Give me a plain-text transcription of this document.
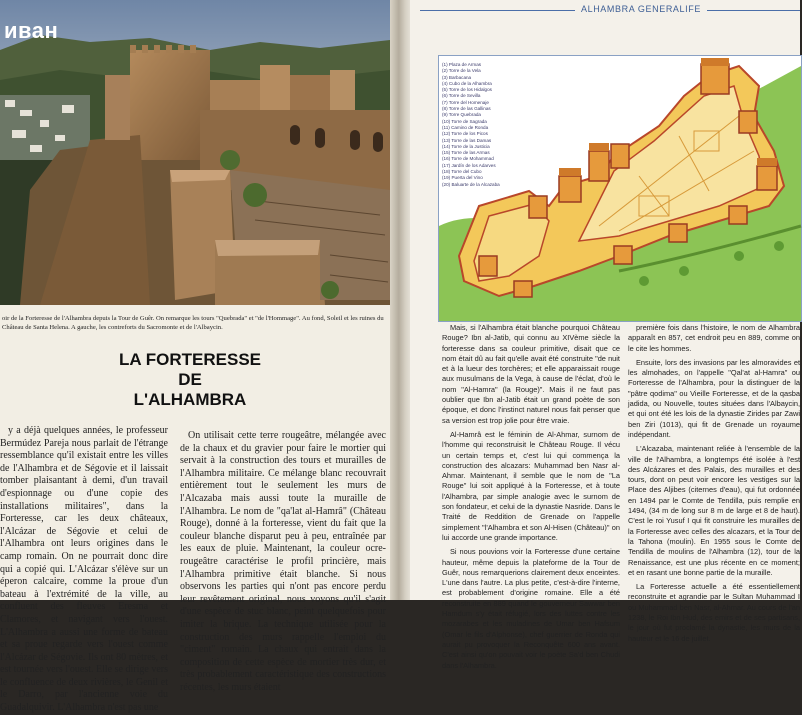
иван
oir de la Forteresse de l'Alhambra depuis la Tour de Guêr. On remarque les tours "Quebrada" et "de l'Hommage". Au fond, Soleil et les ruines du Château de Santa Helena. A gauche, les contreforts du Sacromonte et de l'Albaycin.
LA FORTERESSE
DE
L'ALHAMBRA

y a déjà quelques années, le professeur Bermúdez Pareja nous parlait de l'étrange ressemblance qu'il existait entre les villes de l'Alhambra et de Ségovie et il laissait tomber plaisantant à demi, d'un travail d'espionnage ou d'une copie des installations militaires", dans la Forteresse, car les deux châteaux, l'Alcázar de Ségovie et celui de l'Alhambra ont leurs origines dans le camp romain. On ne pourrait donc dire qui a copié qui. L'Alcázar s'élève sur un éperon calcaire, comme la proue d'un bateau à l'extrémité de la ville, au confluent des fleuves Eresma et Clamores, et navigant vers l'ouest. L'Alhambra a aussi une forme de bateau et sa proue regarde vers l'ouest comme l'Alcázar de Ségovie. Ils ont 80 mètres, et est tournée vers l'ouest. Elle se dirige vers le confluence de deux rivières, le Genil et le Darro, par l'ancienne voie du Guadalquivir. L'Alhambra n'est pas une

On utilisait cette terre rougeâtre, mélangée avec de la chaux et du gravier pour faire le mortier qui servait à la construction des tours et murailles de l'Alhambra militaire. Ce mélange blanc recouvrait entièrement tout le seulement les murs de l'Alcazaba mais aussi toute la muraille de l'Alhambra. Le nom de "qa'lat al-Hamrâ" (Château Rouge), donné à la forteresse, vient du fait que la couleur blanche disparut peu à peu, entraînée par les eaux de pluie. Maintenant, la couleur ocre-rougeâtre caractérise le profil princière, mais l'Alhambra primitive était blanche. Si nous observons les parties qui n'ont pas encore perdu leur revêtement original, nous voyons qu'il s'agit d'une espèce de stuc blanc, peint quelquefois pour imiter la brique. La technique utilisée pour la construction des murs rappelle l'emploi du "ciment" romain. La chaux qui entrait dans la composition de cette espèce de mortier très dur, et très probablement caractéristique des constructions récentes, les murs étaient

ALHAMBRA GENERALIFE
(1) Plaza de Armas
(2) Torre de la Vela
(3) Barbacana
(4) Cubo de la Alhambra
(5) Torre de los Hidalgos
(6) Torre de Sevilla
(7) Torre del Homenaje
(8) Torre de las Gallinas
(9) Torre Quebrada
(10) Torre de Sagrada
(11) Camino de Ronda
(12) Torre de los Picos
(13) Torre de las Damas
(14) Torre de la Justicia
(15) Torre de las Armas
(16) Torre de Mohammad
(17) Jardín de los Adarves
(18) Torre del Cubo
(19) Puerta del Vino
(20) Baluarte de la Alcazaba

Mais, si l'Alhambra était blanche pourquoi Château Rouge? Ibn al-Jatib, qui connu au XIVème siècle la forteresse dans sa couleur primitive, disait que ce nom était dû au fait qu'elle avait été construite "de nuit et à la lueur des torchères; et elle apparaissait rouge aux musulmans de la Vega, à cause de l'éclat, d'où le nom "Al-Hamra" (la Rouge)". Mais il ne faut pas oublier que Ibn al-Jatib était un grand poète de son époque, et donc l'instinct naturel nous fait penser que sa version est trop jolie pour être vraie.

Al-Hamrâ est le féminin de Al-Ahmar, surnom de l'homme qui reconstruisit le Château Rouge. Il vécu un certain temps et, c'est lui qui commença la construction des alcazars: Muhammad ben Nasr al-Ahmar. Maintenant, il semble que le nom de "La Rouge" lui soit appliqué à la Forteresse, et à toute l'Alhambra, par simple analogie avec le surnom de son fondateur, et celui de la dynastie Nasride. Dans le Traité de Reddition de Grenade on l'appelle simplement "l'Alhambra et son Al-Hisen (Château)" on lui accorde une grande importance.

Si nous pouvions voir la Forteresse d'une certaine hauteur, même depuis la plateforme de la Tour de Guêr, nous remarquerions clairement deux enceintes. L'une dans l'autre. La plus petite, c'est-à-dire l'interne, est probablement d'origine romaine. Elle a été reconstruite en 889 quand le gouverneur Sawwar ben Hamdum s'y était réfugié, lors des luttes contre les mozarabes et les muladines de Umar ben Hafsum (Omar le fils d'Alphonse), chef guerrier de Ronda qui aurait pu provoquer la Reconquête 600 ans avant. C'est ainsi qu'on pouvait voir le poète Sa'd ben Chudi dans l'Alhambra.

première fois dans l'histoire, le nom de Alhambra apparaît en 857, cet endroit peu en 889, comme on le cite les hommes.

Ensuite, lors des invasions par les almoravides et les almohades, on l'appelle "Qal'at al-Hamra" ou Forteresse de l'Alhambra, pour la distinguer de la "pâtre qodima" ou Vieille Forteresse, et de la qasba jadida, ou Nouvelle, toutes situées dans l'Albaycin, et qui ont été les lois de la dynastie Zirides par Zawi ben Ziri (1013), qui fit de Grenade un royaume indépendant.

L'Alcazaba, maintenant reliée à l'ensemble de la ville de l'Alhambra, a longtemps été isolée à l'est des Alcázares et des Palais, des murailles et des tours, dont on peut voir encore les vestiges sur la Place des Aljibes (citernes d'eau), qui fut ordonnée en 1494 par le Comte de Tendilla, puis remplie en 1494, (34 m de long sur 8 m de large et 8 de haut). C'est le roi Yusuf I qui fit construire les murailles de la Forteresse avec celles des alcazars, et la Tour de la Tahona (moulin). En 1955 sous le Comte de Tendilla de moulins de l'Alhambra (12), tour de la Renaissance, est une plus récente en ce moment; et en rasant une bonne partie de la muraille.

La Forteresse actuelle a été essentiellement reconstruite et agrandie par le Sultan Muhammad I ou Muhammad ben Nasr, al-Ahmar. Au cours de l'an 1238, le Roi Ibn Hud, des emirs et de ses partisans, le jour où fut proclamé la dynastie, les murs de la hauteur et le 16 de juillet.
